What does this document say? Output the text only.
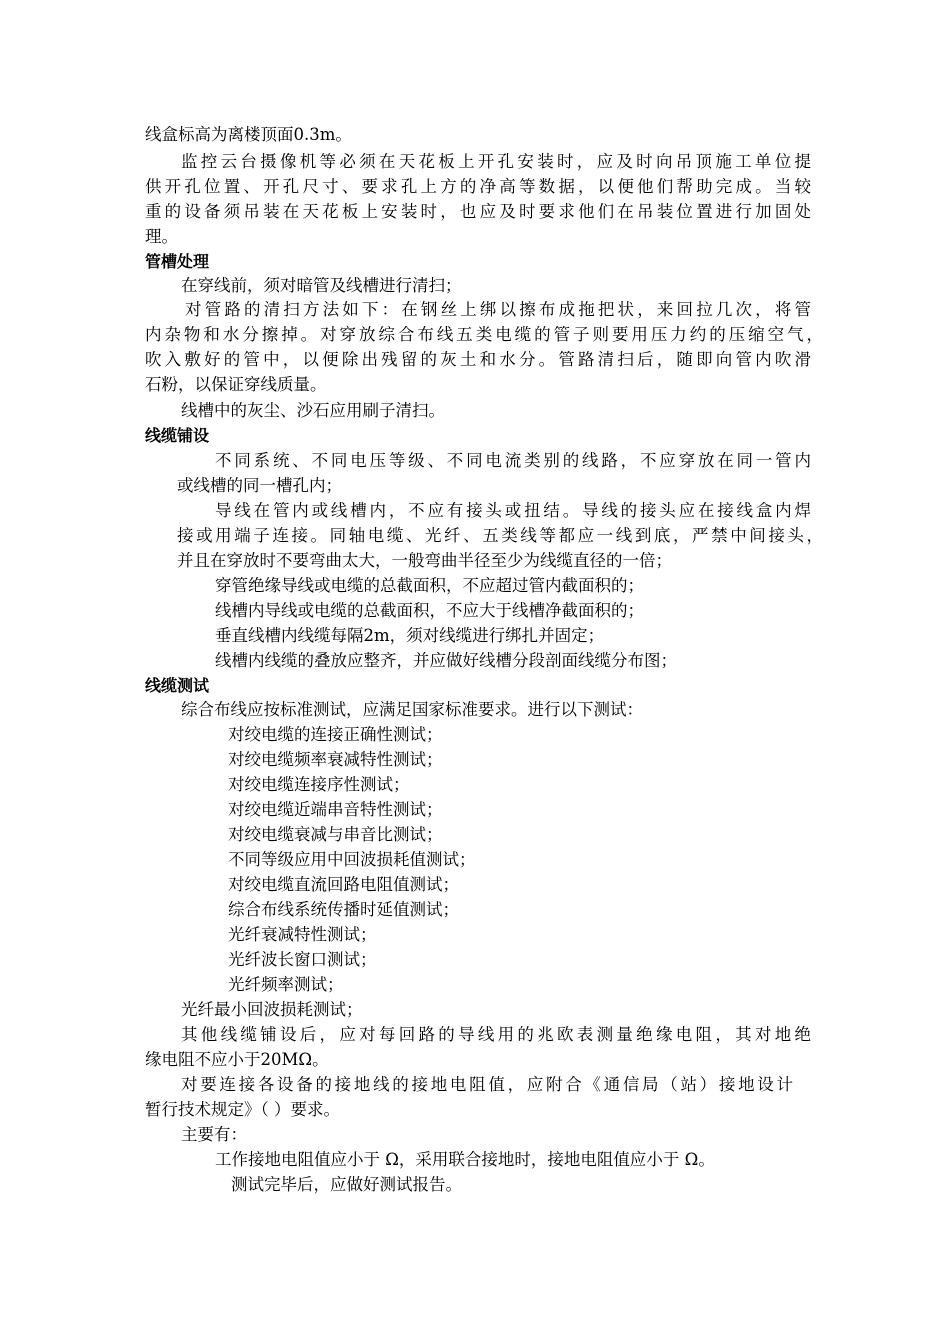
线盒标高为离楼顶面0.3m。
监控云台摄像机等必须在天花板上开孔安装时，应及时向吊顶施工单位提
供开孔位置、开孔尺寸、要求孔上方的净高等数据，以便他们帮助完成。当较
重的设备须吊装在天花板上安装时，也应及时要求他们在吊装位置进行加固处
理。
管槽处理
在穿线前，须对暗管及线槽进行清扫；
对管路的清扫方法如下：在钢丝上绑以擦布成拖把状，来回拉几次，将管
内杂物和水分擦掉。对穿放综合布线五类电缆的管子则要用压力约的压缩空气，
吹入敷好的管中，以便除出残留的灰土和水分。管路清扫后，随即向管内吹滑
石粉，以保证穿线质量。
线槽中的灰尘、沙石应用刷子清扫。
线缆铺设
不同系统、不同电压等级、不同电流类别的线路，不应穿放在同一管内
或线槽的同一槽孔内；
导线在管内或线槽内，不应有接头或扭结。导线的接头应在接线盒内焊
接或用端子连接。同轴电缆、光纤、五类线等都应一线到底，严禁中间接头，
并且在穿放时不要弯曲太大，一般弯曲半径至少为线缆直径的一倍；
穿管绝缘导线或电缆的总截面积，不应超过管内截面积的；
线槽内导线或电缆的总截面积，不应大于线槽净截面积的；
垂直线槽内线缆每隔2m，须对线缆进行绑扎并固定；
线槽内线缆的叠放应整齐，并应做好线槽分段剖面线缆分布图；
线缆测试
综合布线应按标准测试，应满足国家标准要求。进行以下测试：
对绞电缆的连接正确性测试；
对绞电缆频率衰减特性测试；
对绞电缆连接序性测试；
对绞电缆近端串音特性测试；
对绞电缆衰减与串音比测试；
不同等级应用中回波损耗值测试；
对绞电缆直流回路电阻值测试；
综合布线系统传播时延值测试；
光纤衰减特性测试；
光纤波长窗口测试；
光纤频率测试；
光纤最小回波损耗测试；
其他线缆铺设后，应对每回路的导线用的兆欧表测量绝缘电阻，其对地绝
缘电阻不应小于20MΩ。
对要连接各设备的接地线的接地电阻值，应附合《通信局（站）接地设计
暂行技术规定》（ ）要求。
主要有：
工作接地电阻值应小于 Ω，采用联合接地时，接地电阻值应小于 Ω。
测试完毕后，应做好测试报告。
